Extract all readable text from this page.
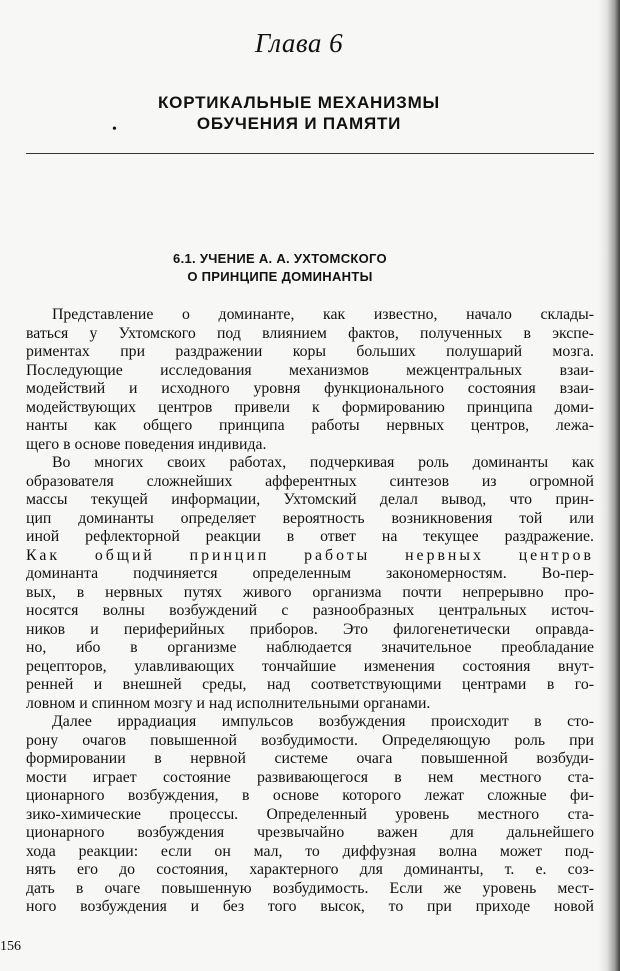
Глава 6
КОРТИКАЛЬНЫЕ МЕХАНИЗМЫ
ОБУЧЕНИЯ И ПАМЯТИ
•
6.1. УЧЕНИЕ А. А. УХТОМСКОГО
О ПРИНЦИПЕ ДОМИНАНТЫ
Представление о доминанте, как известно, начало склады-
ваться у Ухтомского под влиянием фактов, полученных в экспе-
риментах при раздражении коры больших полушарий мозга.
Последующие исследования механизмов межцентральных взаи-
модействий и исходного уровня функционального состояния взаи-
модействующих центров привели к формированию принципа доми-
нанты как общего принципа работы нервных центров, лежа-
щего в основе поведения индивида.
Во многих своих работах, подчеркивая роль доминанты как
образователя сложнейших афферентных синтезов из огромной
массы текущей информации, Ухтомский делал вывод, что прин-
цип доминанты определяет вероятность возникновения той или
иной рефлекторной реакции в ответ на текущее раздражение.
Как общий принцип работы нервных центров
доминанта подчиняется определенным закономерностям. Во-пер-
вых, в нервных путях живого организма почти непрерывно про-
носятся волны возбуждений с разнообразных центральных источ-
ников и периферийных приборов. Это филогенетически оправда-
но, ибо в организме наблюдается значительное преобладание
рецепторов, улавливающих тончайшие изменения состояния внут-
ренней и внешней среды, над соответствующими центрами в го-
ловном и спинном мозгу и над исполнительными органами.
Далее иррадиация импульсов возбуждения происходит в сто-
рону очагов повышенной возбудимости. Определяющую роль при
формировании в нервной системе очага повышенной возбуди-
мости играет состояние развивающегося в нем местного ста-
ционарного возбуждения, в основе которого лежат сложные фи-
зико-химические процессы. Определенный уровень местного ста-
ционарного возбуждения чрезвычайно важен для дальнейшего
хода реакции: если он мал, то диффузная волна может под-
нять его до состояния, характерного для доминанты, т. е. соз-
дать в очаге повышенную возбудимость. Если же уровень мест-
ного возбуждения и без того высок, то при приходе новой
156
